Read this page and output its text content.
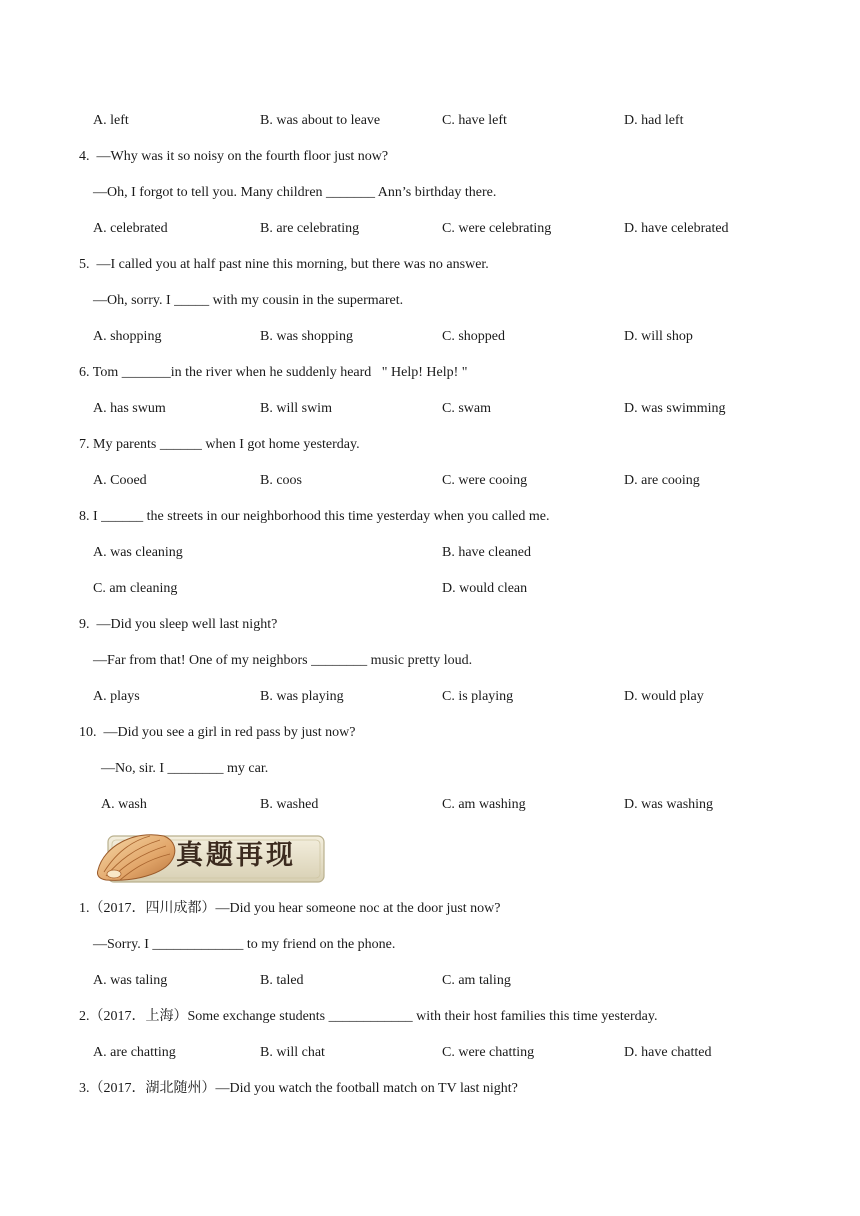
A. left	B. was about to leave	C. have left	D. had left
4.  —Why was it so noisy on the fourth floor just now?
—Oh, I forgot to tell you. Many children _______ Ann’s birthday there.
A. celebrated	B. are celebrating	C. were celebrating	D. have celebrated
5.  —I called you at half past nine this morning, but there was no answer.
—Oh, sorry. I _____ with my cousin in the supermaret.
A. shopping	B. was shopping	C. shopped	D. will shop
6. Tom _______in the river when he suddenly heard   " Help! Help! "
A. has swum	B. will swim	C. swam	D. was swimming
7. My parents ______ when I got home yesterday.
A. Cooed	B. coos	C. were cooing	D. are cooing
8. I ______ the streets in our neighborhood this time yesterday when you called me.
A. was cleaning	B. have cleaned
C. am cleaning	D. would clean
9.  —Did you sleep well last night?
—Far from that! One of my neighbors ________ music pretty loud.
A. plays	B. was playing	C. is playing	D. would play
10.  —Did you see a girl in red pass by just now?
—No, sir. I ________ my car.
A. wash	B. washed	C. am washing	D. was washing
真题再现
1.（2017．四川成都）—Did you hear someone noc at the door just now?
—Sorry. I _____________ to my friend on the phone.
A. was taling	B. taled	C. am taling
2.（2017．上海）Some exchange students ____________ with their host families this time yesterday.
A. are chatting	B. will chat	C. were chatting	D. have chatted
3.（2017．湖北随州）—Did you watch the football match on TV last night?
